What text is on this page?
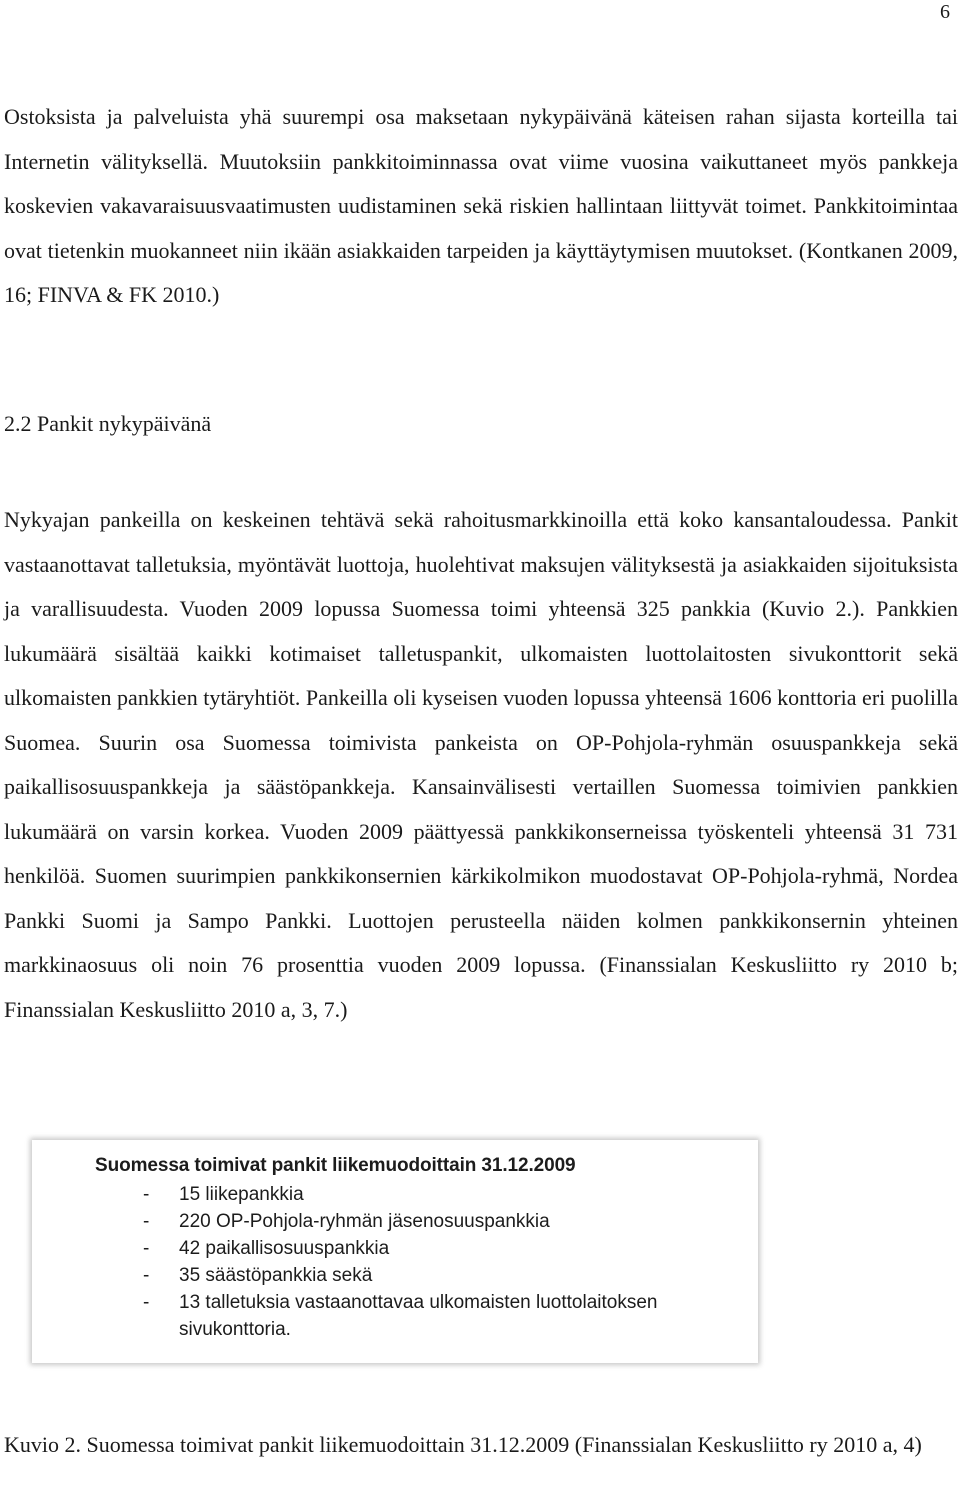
6

Ostoksista ja palveluista yhä suurempi osa maksetaan nykypäivänä käteisen rahan sijasta korteilla tai Internetin välityksellä. Muutoksiin pankkitoiminnassa ovat viime vuosina vaikuttaneet myös pankkeja koskevien vakavaraisuusvaatimusten uudistaminen sekä riskien hallintaan liittyvät toimet. Pankkitoimintaa ovat tietenkin muokanneet niin ikään asiakkaiden tarpeiden ja käyttäytymisen muutokset. (Kontkanen 2009, 16; FINVA & FK 2010.)

2.2 Pankit nykypäivänä

Nykyajan pankeilla on keskeinen tehtävä sekä rahoitusmarkkinoilla että koko kansantaloudessa. Pankit vastaanottavat talletuksia, myöntävät luottoja, huolehtivat maksujen välityksestä ja asiakkaiden sijoituksista ja varallisuudesta. Vuoden 2009 lopussa Suomessa toimi yhteensä 325 pankkia (Kuvio 2.). Pankkien lukumäärä sisältää kaikki kotimaiset talletuspankit, ulkomaisten luottolaitosten sivukonttorit sekä ulkomaisten pankkien tytäryhtiöt. Pankeilla oli kyseisen vuoden lopussa yhteensä 1606 konttoria eri puolilla Suomea. Suurin osa Suomessa toimivista pankeista on OP-Pohjola-ryhmän osuuspankkeja sekä paikallisosuuspankkeja ja säästöpankkeja. Kansainvälisesti vertaillen Suomessa toimivien pankkien lukumäärä on varsin korkea. Vuoden 2009 päättyessä pankkikonserneissa työskenteli yhteensä 31 731 henkilöä. Suomen suurimpien pankkikonsernien kärkikolmikon muodostavat OP-Pohjola-ryhmä, Nordea Pankki Suomi ja Sampo Pankki. Luottojen perusteella näiden kolmen pankkikonsernin yhteinen markkinaosuus oli noin 76 prosenttia vuoden 2009 lopussa. (Finanssialan Keskusliitto ry 2010 b; Finanssialan Keskusliitto 2010 a, 3, 7.)

Suomessa toimivat pankit liikemuodoittain 31.12.2009
- 15 liikepankkia
- 220 OP-Pohjola-ryhmän jäsenosuuspankkia
- 42 paikallisosuuspankkia
- 35 säästöpankkia sekä
- 13 talletuksia vastaanottavaa ulkomaisten luottolaitoksen
sivukonttoria.

Kuvio 2. Suomessa toimivat pankit liikemuodoittain 31.12.2009 (Finanssialan Keskusliitto ry 2010 a, 4)
